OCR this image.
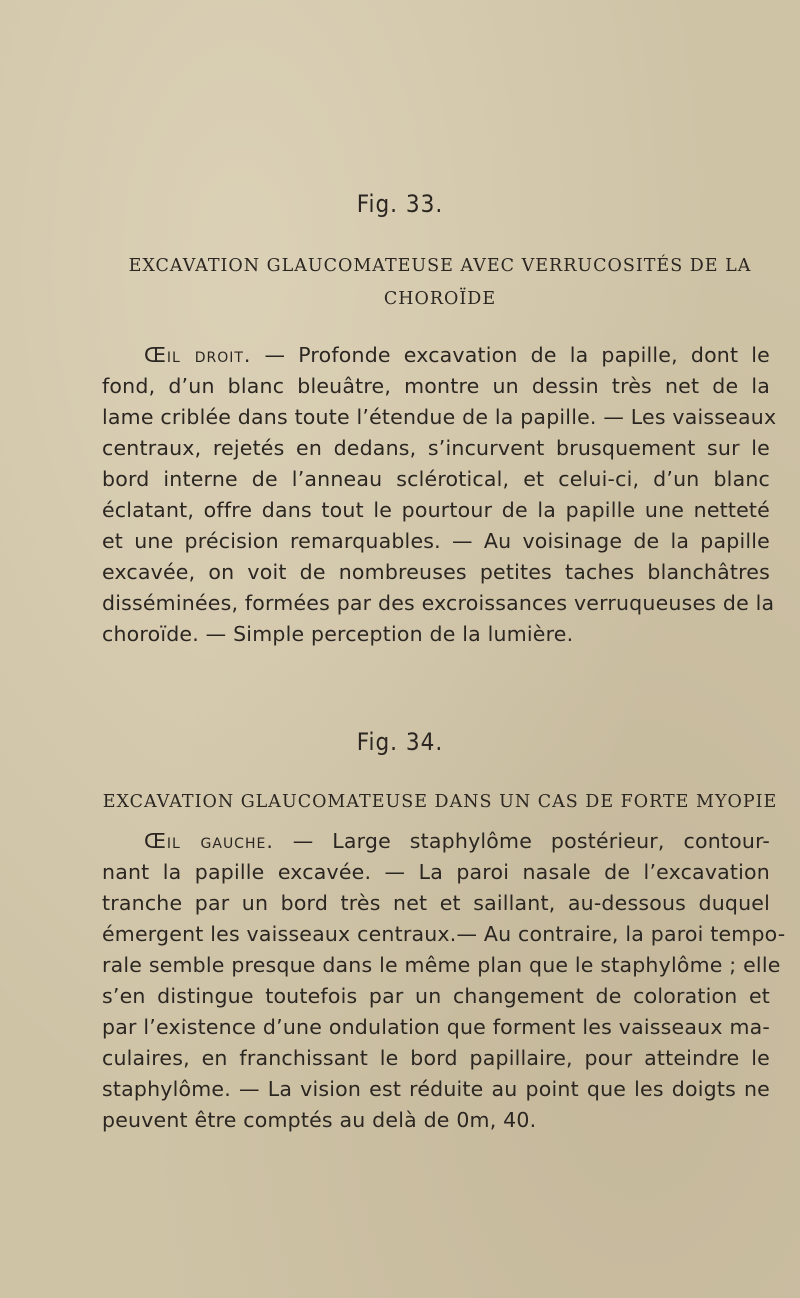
Fig. 33.
EXCAVATION GLAUCOMATEUSE AVEC VERRUCOSITÉS DE LA
CHOROÏDE
Œil droit. — Profonde excavation de la papille, dont le
fond, d’un blanc bleuâtre, montre un dessin très net de la
lame criblée dans toute l’étendue de la papille. — Les vaisseaux
centraux, rejetés en dedans, s’incurvent brusquement sur le
bord interne de l’anneau sclérotical, et celui-ci, d’un blanc
éclatant, offre dans tout le pourtour de la papille une netteté
et une précision remarquables. — Au voisinage de la papille
excavée, on voit de nombreuses petites taches blanchâtres
disséminées, formées par des excroissances verruqueuses de la
choroïde. — Simple perception de la lumière.
Fig. 34.
EXCAVATION GLAUCOMATEUSE DANS UN CAS DE FORTE MYOPIE
Œil gauche. — Large staphylôme postérieur, contour-
nant la papille excavée. — La paroi nasale de l’excavation
tranche par un bord très net et saillant, au-dessous duquel
émergent les vaisseaux centraux.— Au contraire, la paroi tempo-
rale semble presque dans le même plan que le staphylôme ; elle
s’en distingue toutefois par un changement de coloration et
par l’existence d’une ondulation que forment les vaisseaux ma-
culaires, en franchissant le bord papillaire, pour atteindre le
staphylôme. — La vision est réduite au point que les doigts ne
peuvent être comptés au delà de 0m, 40.
